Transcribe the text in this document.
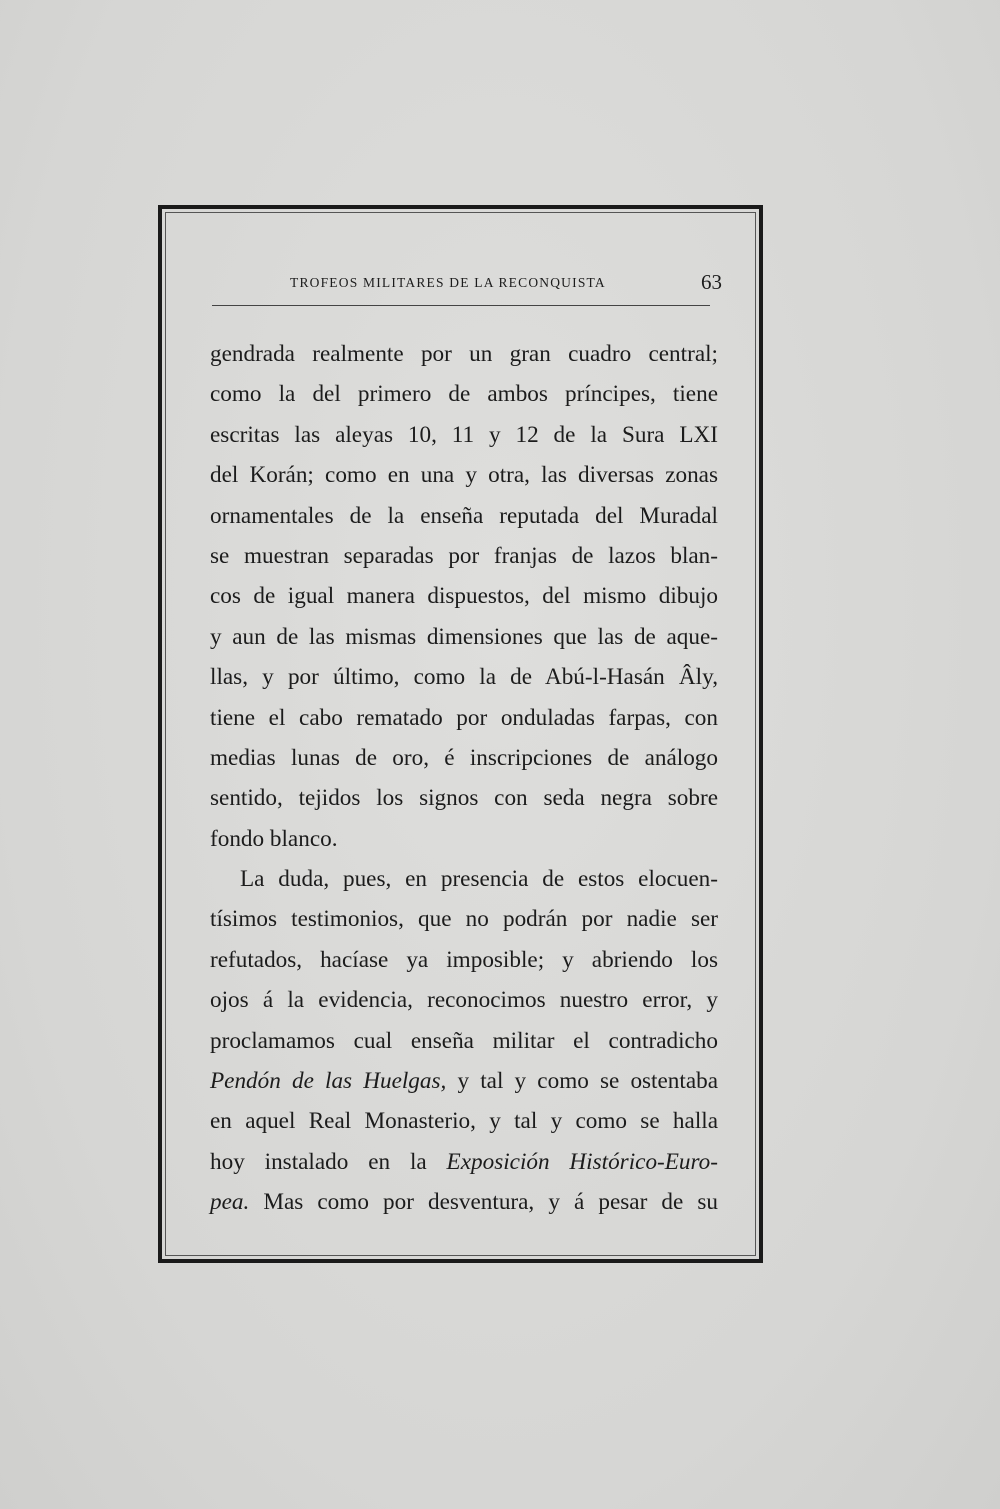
TROFEOS MILITARES DE LA RECONQUISTA	63
gendrada realmente por un gran cuadro central;
como la del primero de ambos príncipes, tiene
escritas las aleyas 10, 11 y 12 de la Sura LXI
del Korán; como en una y otra, las diversas zonas
ornamentales de la enseña reputada del Muradal
se muestran separadas por franjas de lazos blan-
cos de igual manera dispuestos, del mismo dibujo
y aun de las mismas dimensiones que las de aque-
llas, y por último, como la de Abú-l-Hasán Âly,
tiene el cabo rematado por onduladas farpas, con
medias lunas de oro, é inscripciones de análogo
sentido, tejidos los signos con seda negra sobre
fondo blanco.
La duda, pues, en presencia de estos elocuen-
tísimos testimonios, que no podrán por nadie ser
refutados, hacíase ya imposible; y abriendo los
ojos á la evidencia, reconocimos nuestro error, y
proclamamos cual enseña militar el contradicho
Pendón de las Huelgas, y tal y como se ostentaba
en aquel Real Monasterio, y tal y como se halla
hoy instalado en la Exposición Histórico-Euro-
pea. Mas como por desventura, y á pesar de su
